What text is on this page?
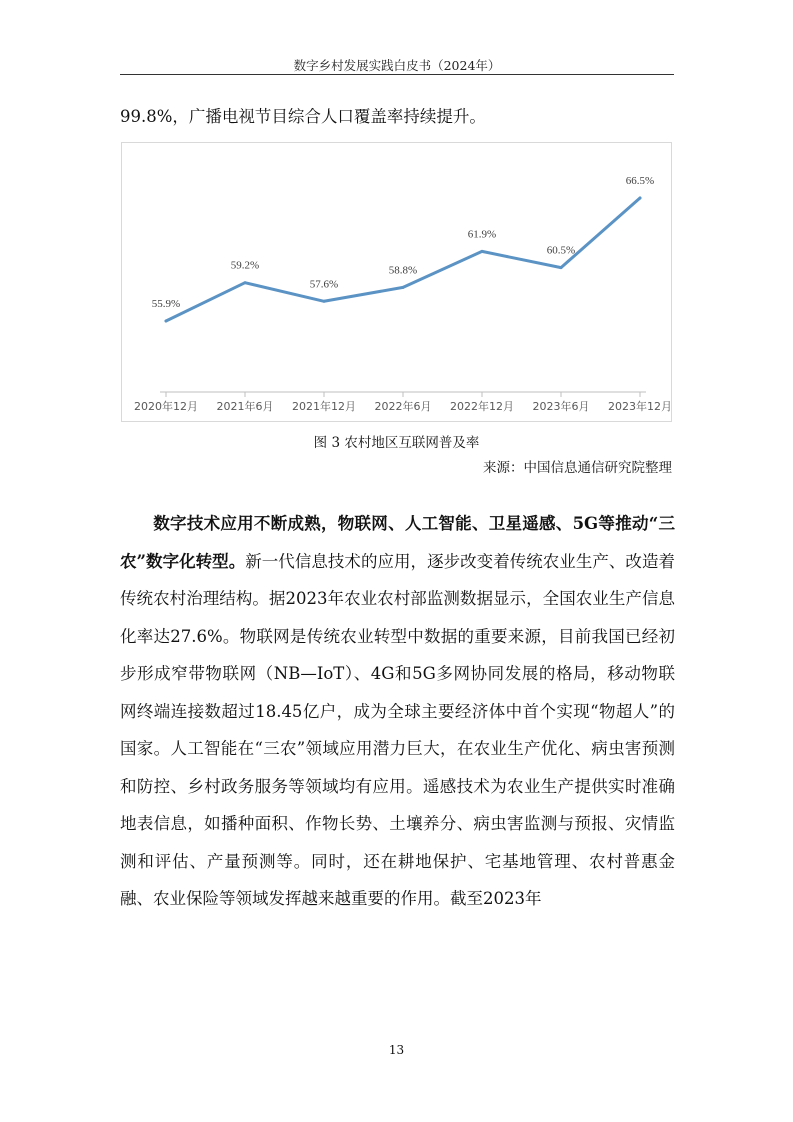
数字乡村发展实践白皮书（2024年）
99.8%，广播电视节目综合人口覆盖率持续提升。
55.9%
59.2%
57.6%
58.8%
61.9%
60.5%
66.5%
2020年12月 2021年6月 2021年12月 2022年6月 2022年12月 2023年6月 2023年12月
图 3 农村地区互联网普及率
来源：中国信息通信研究院整理
数字技术应用不断成熟，物联网、人工智能、卫星遥感、5G等推动“三农”数字化转型。新一代信息技术的应用，逐步改变着传统农业生产、改造着传统农村治理结构。据2023年农业农村部监测数据显示，全国农业生产信息化率达27.6%。物联网是传统农业转型中数据的重要来源，目前我国已经初步形成窄带物联网（NB—IoT）、4G和5G多网协同发展的格局，移动物联网终端连接数超过18.45亿户，成为全球主要经济体中首个实现“物超人”的国家。人工智能在“三农”领域应用潜力巨大，在农业生产优化、病虫害预测和防控、乡村政务服务等领域均有应用。遥感技术为农业生产提供实时准确地表信息，如播种面积、作物长势、土壤养分、病虫害监测与预报、灾情监测和评估、产量预测等。同时，还在耕地保护、宅基地管理、农村普惠金融、农业保险等领域发挥越来越重要的作用。截至2023年
13
